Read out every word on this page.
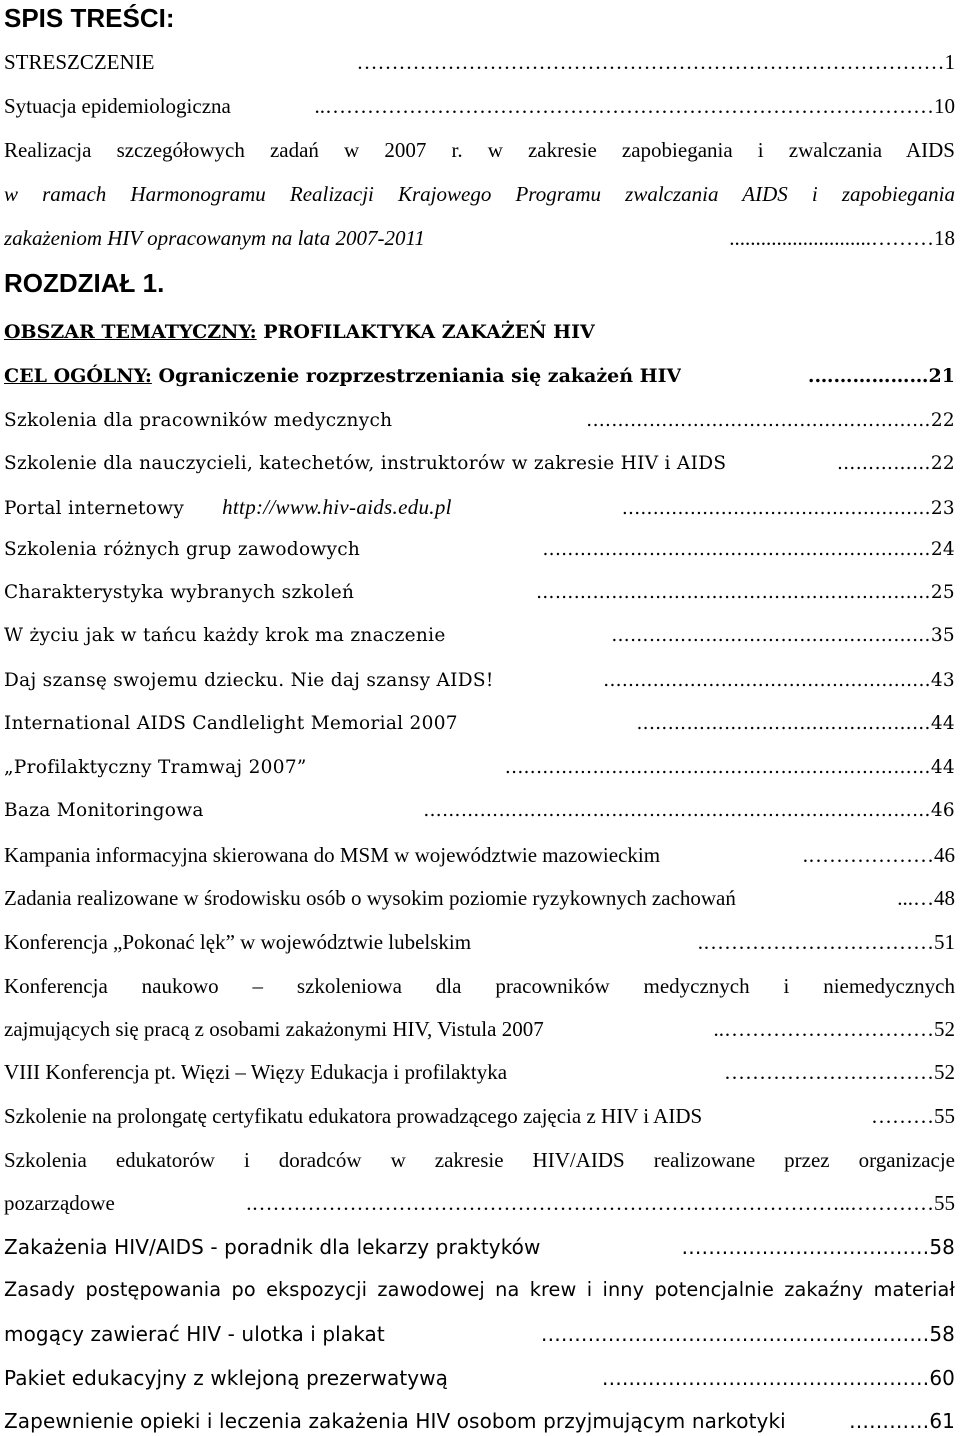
SPIS TREŚCI:
STRESZCZENIE	………………………………………………………………………… 1
Sytuacja epidemiologiczna	…………………………………………………………………………….. 10
Realizacja szczegółowych zadań w 2007 r. w zakresie zapobiegania i zwalczania AIDS
w ramach Harmonogramu Realizacji Krajowego Programu zwalczania AIDS i zapobiegania
zakażeniom HIV opracowanym na lata 2007-2011	………........................... 18
ROZDZIAŁ 1.
OBSZAR TEMATYCZNY: PROFILAKTYKA ZAKAŻEŃ HIV
CEL OGÓLNY: Ograniczenie rozprzestrzeniania się zakażeń HIV	………………. 21
Szkolenia dla pracowników medycznych	………………………………………………. 22
Szkolenie dla nauczycieli, katechetów, instruktorów w zakresie HIV i AIDS	…………… 22
Portal internetowy http://www.hiv-aids.edu.pl	.................................................. 23
Szkolenia różnych grup zawodowych	…………………………………………………….. 24
Charakterystyka wybranych szkoleń	……………………………………………………… 25
W życiu jak w tańcu każdy krok ma znaczenie	…………………………………………… 35
Daj szansę swojemu dziecku. Nie daj szansy AIDS!	..................................................... 43
International AIDS Candlelight Memorial 2007	……………………………………….. 44
„Profilaktyczny Tramwaj 2007”	………………………………………………………….. 44
Baza Monitoringowa	……………………………………………………………………… 46
Kampania informacyjna skierowana do MSM w województwie mazowieckim	………………. 46
Zadania realizowane w środowisku osób o wysokim poziomie ryzykownych zachowań	…... 48
Konferencja „Pokonać lęk” w województwie lubelskim	……………………………. 51
Konferencja naukowo – szkoleniowa dla pracowników medycznych i niemedycznych
zajmujących się pracą z osobami zakażonymi HIV, Vistula 2007	………………………….. 52
VIII Konferencja pt. Więzi – Więzy Edukacja i profilaktyka	………………………… 52
Szkolenie na prolongatę certyfikatu edukatora prowadzącego zajęcia z HIV i AIDS	……… 55
Szkolenia edukatorów i doradców w zakresie HIV/AIDS realizowane przez organizacje
pozarządowe	…………..…………………………………………………………………………. 55
Zakażenia HIV/AIDS - poradnik dla lekarzy praktyków	………………………………. 58
Zasady postępowania po ekspozycji zawodowej na krew i inny potencjalnie zakaźny materiał
mogący zawierać HIV - ulotka i plakat	…………………………………………………. 58
Pakiet edukacyjny z wklejoną prezerwatywą	……………………………………...…. 60
Zapewnienie opieki i leczenia zakażenia HIV osobom przyjmującym narkotyki	………… 61
